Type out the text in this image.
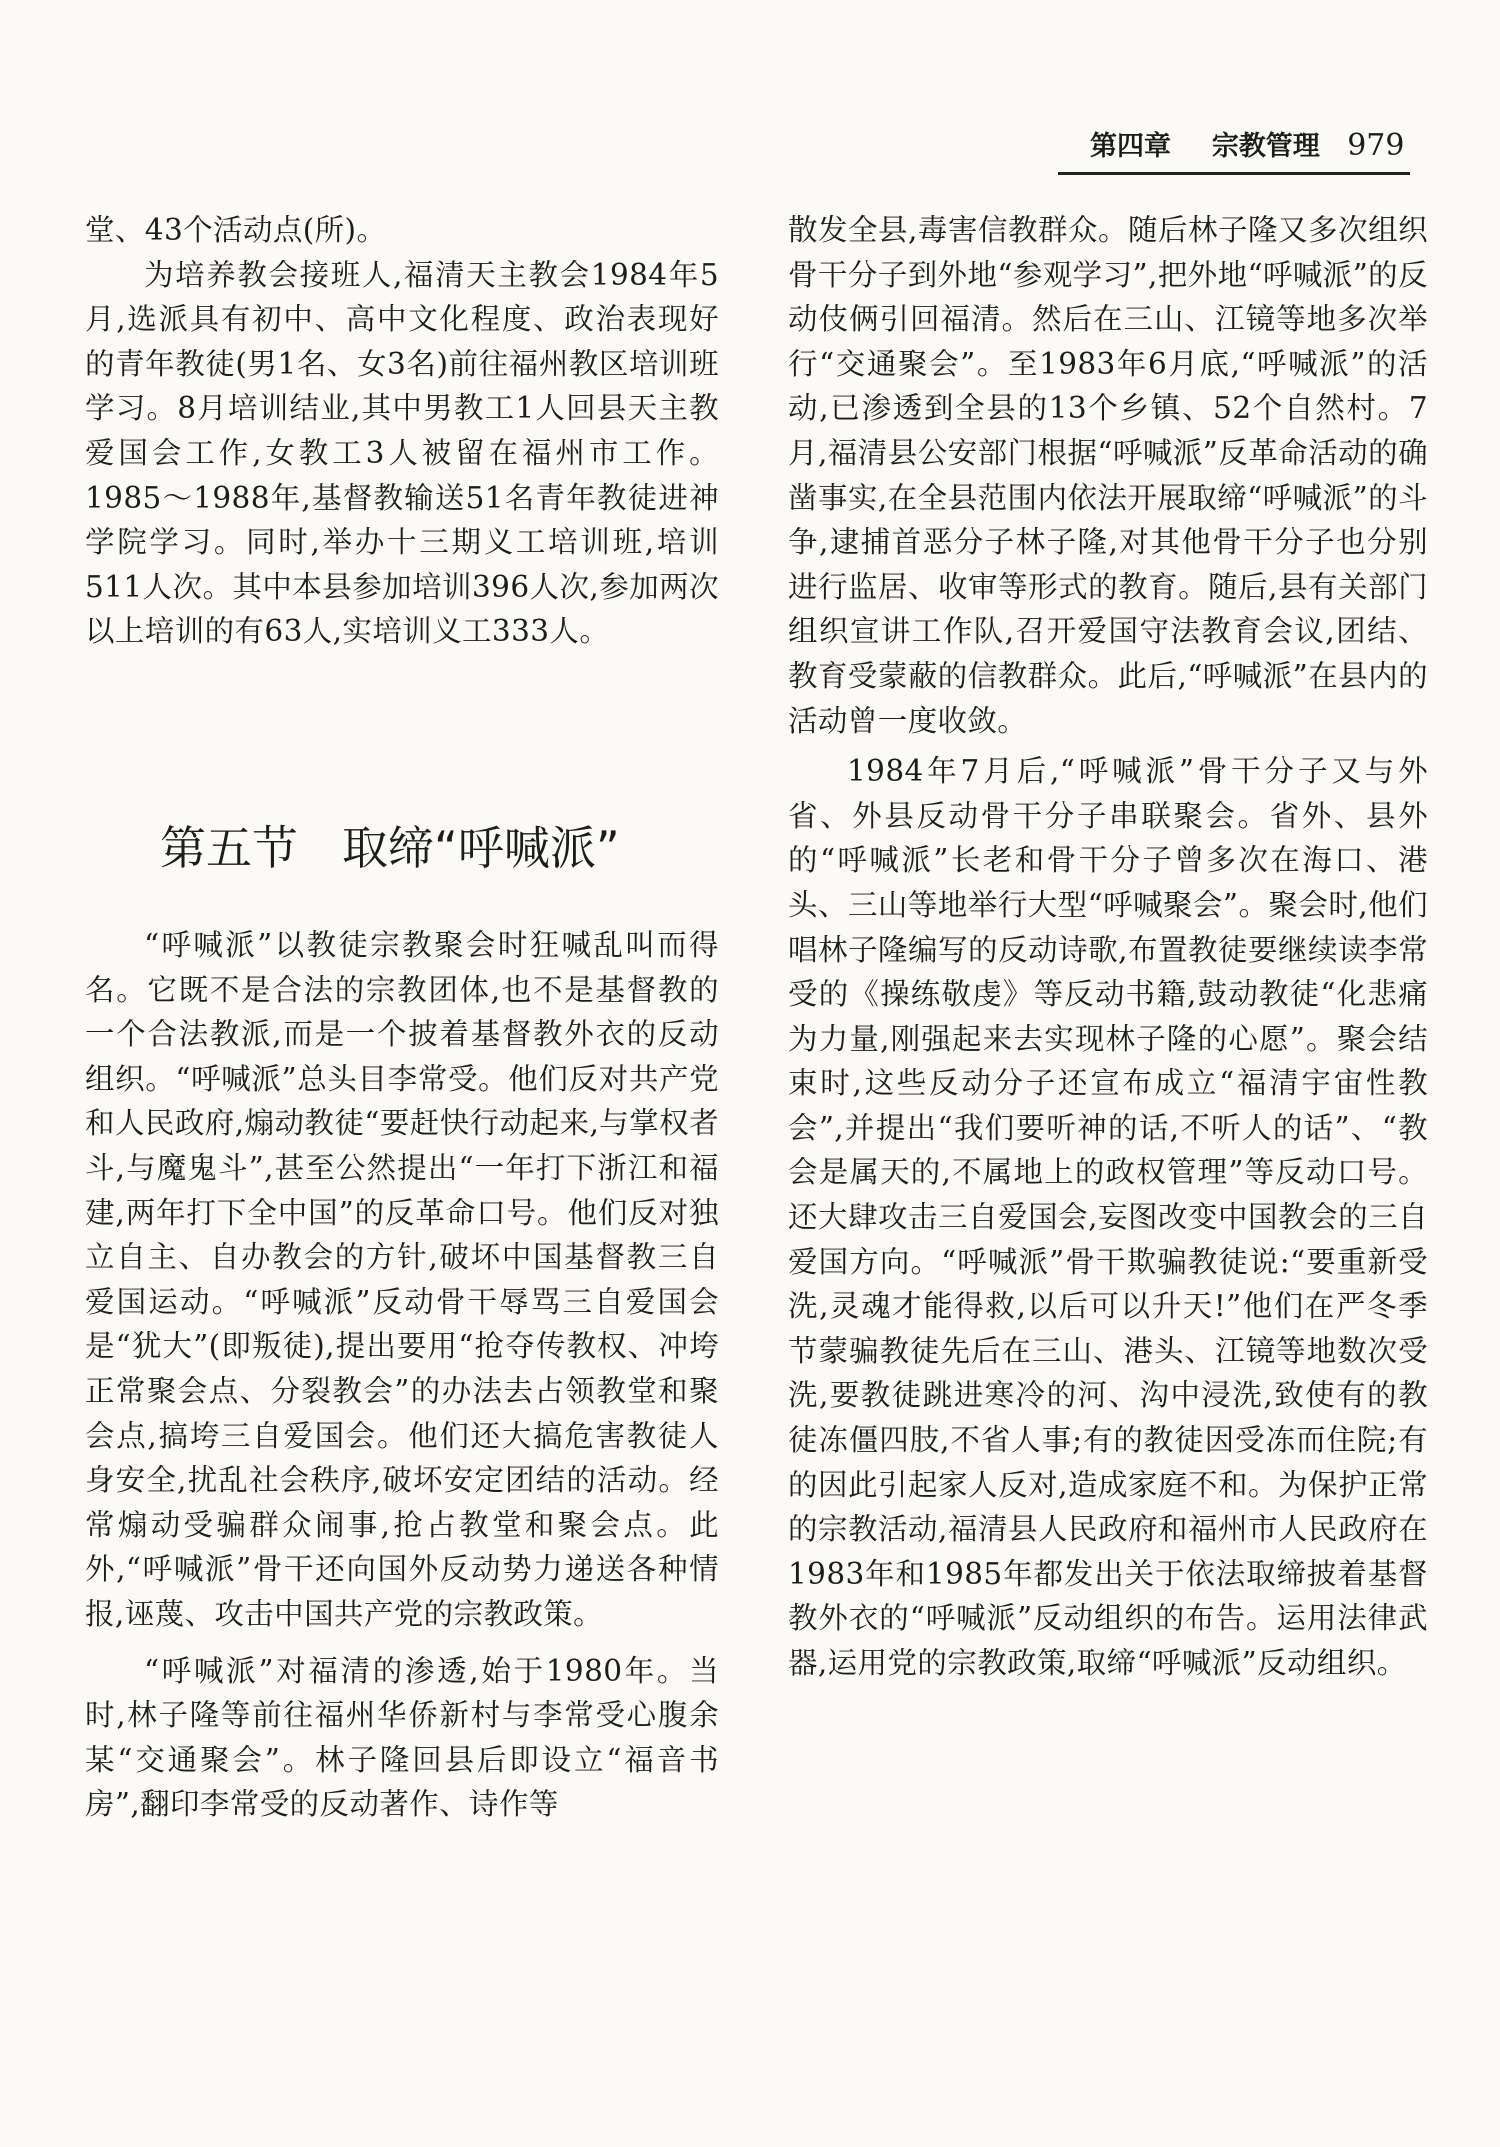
第四章 宗教管理 979

堂、43个活动点(所)。

为培养教会接班人,福清天主教会1984年5月,选派具有初中、高中文化程度、政治表现好的青年教徒(男1名、女3名)前往福州教区培训班学习。8月培训结业,其中男教工1人回县天主教爱国会工作,女教工3人被留在福州市工作。1985～1988年,基督教输送51名青年教徒进神学院学习。同时,举办十三期义工培训班,培训511人次。其中本县参加培训396人次,参加两次以上培训的有63人,实培训义工333人。

第五节 取缔“呼喊派”

“呼喊派”以教徒宗教聚会时狂喊乱叫而得名。它既不是合法的宗教团体,也不是基督教的一个合法教派,而是一个披着基督教外衣的反动组织。“呼喊派”总头目李常受。他们反对共产党和人民政府,煽动教徒“要赶快行动起来,与掌权者斗,与魔鬼斗”,甚至公然提出“一年打下浙江和福建,两年打下全中国”的反革命口号。他们反对独立自主、自办教会的方针,破坏中国基督教三自爱国运动。“呼喊派”反动骨干辱骂三自爱国会是“犹大”(即叛徒),提出要用“抢夺传教权、冲垮正常聚会点、分裂教会”的办法去占领教堂和聚会点,搞垮三自爱国会。他们还大搞危害教徒人身安全,扰乱社会秩序,破坏安定团结的活动。经常煽动受骗群众闹事,抢占教堂和聚会点。此外,“呼喊派”骨干还向国外反动势力递送各种情报,诬蔑、攻击中国共产党的宗教政策。

“呼喊派”对福清的渗透,始于1980年。当时,林子隆等前往福州华侨新村与李常受心腹余某“交通聚会”。林子隆回县后即设立“福音书房”,翻印李常受的反动著作、诗作等

散发全县,毒害信教群众。随后林子隆又多次组织骨干分子到外地“参观学习”,把外地“呼喊派”的反动伎俩引回福清。然后在三山、江镜等地多次举行“交通聚会”。至1983年6月底,“呼喊派”的活动,已渗透到全县的13个乡镇、52个自然村。7月,福清县公安部门根据“呼喊派”反革命活动的确凿事实,在全县范围内依法开展取缔“呼喊派”的斗争,逮捕首恶分子林子隆,对其他骨干分子也分别进行监居、收审等形式的教育。随后,县有关部门组织宣讲工作队,召开爱国守法教育会议,团结、教育受蒙蔽的信教群众。此后,“呼喊派”在县内的活动曾一度收敛。

1984年7月后,“呼喊派”骨干分子又与外省、外县反动骨干分子串联聚会。省外、县外的“呼喊派”长老和骨干分子曾多次在海口、港头、三山等地举行大型“呼喊聚会”。聚会时,他们唱林子隆编写的反动诗歌,布置教徒要继续读李常受的《操练敬虔》等反动书籍,鼓动教徒“化悲痛为力量,刚强起来去实现林子隆的心愿”。聚会结束时,这些反动分子还宣布成立“福清宇宙性教会”,并提出“我们要听神的话,不听人的话”、“教会是属天的,不属地上的政权管理”等反动口号。还大肆攻击三自爱国会,妄图改变中国教会的三自爱国方向。“呼喊派”骨干欺骗教徒说:“要重新受洗,灵魂才能得救,以后可以升天!”他们在严冬季节蒙骗教徒先后在三山、港头、江镜等地数次受洗,要教徒跳进寒冷的河、沟中浸洗,致使有的教徒冻僵四肢,不省人事;有的教徒因受冻而住院;有的因此引起家人反对,造成家庭不和。为保护正常的宗教活动,福清县人民政府和福州市人民政府在1983年和1985年都发出关于依法取缔披着基督教外衣的“呼喊派”反动组织的布告。运用法律武器,运用党的宗教政策,取缔“呼喊派”反动组织。
